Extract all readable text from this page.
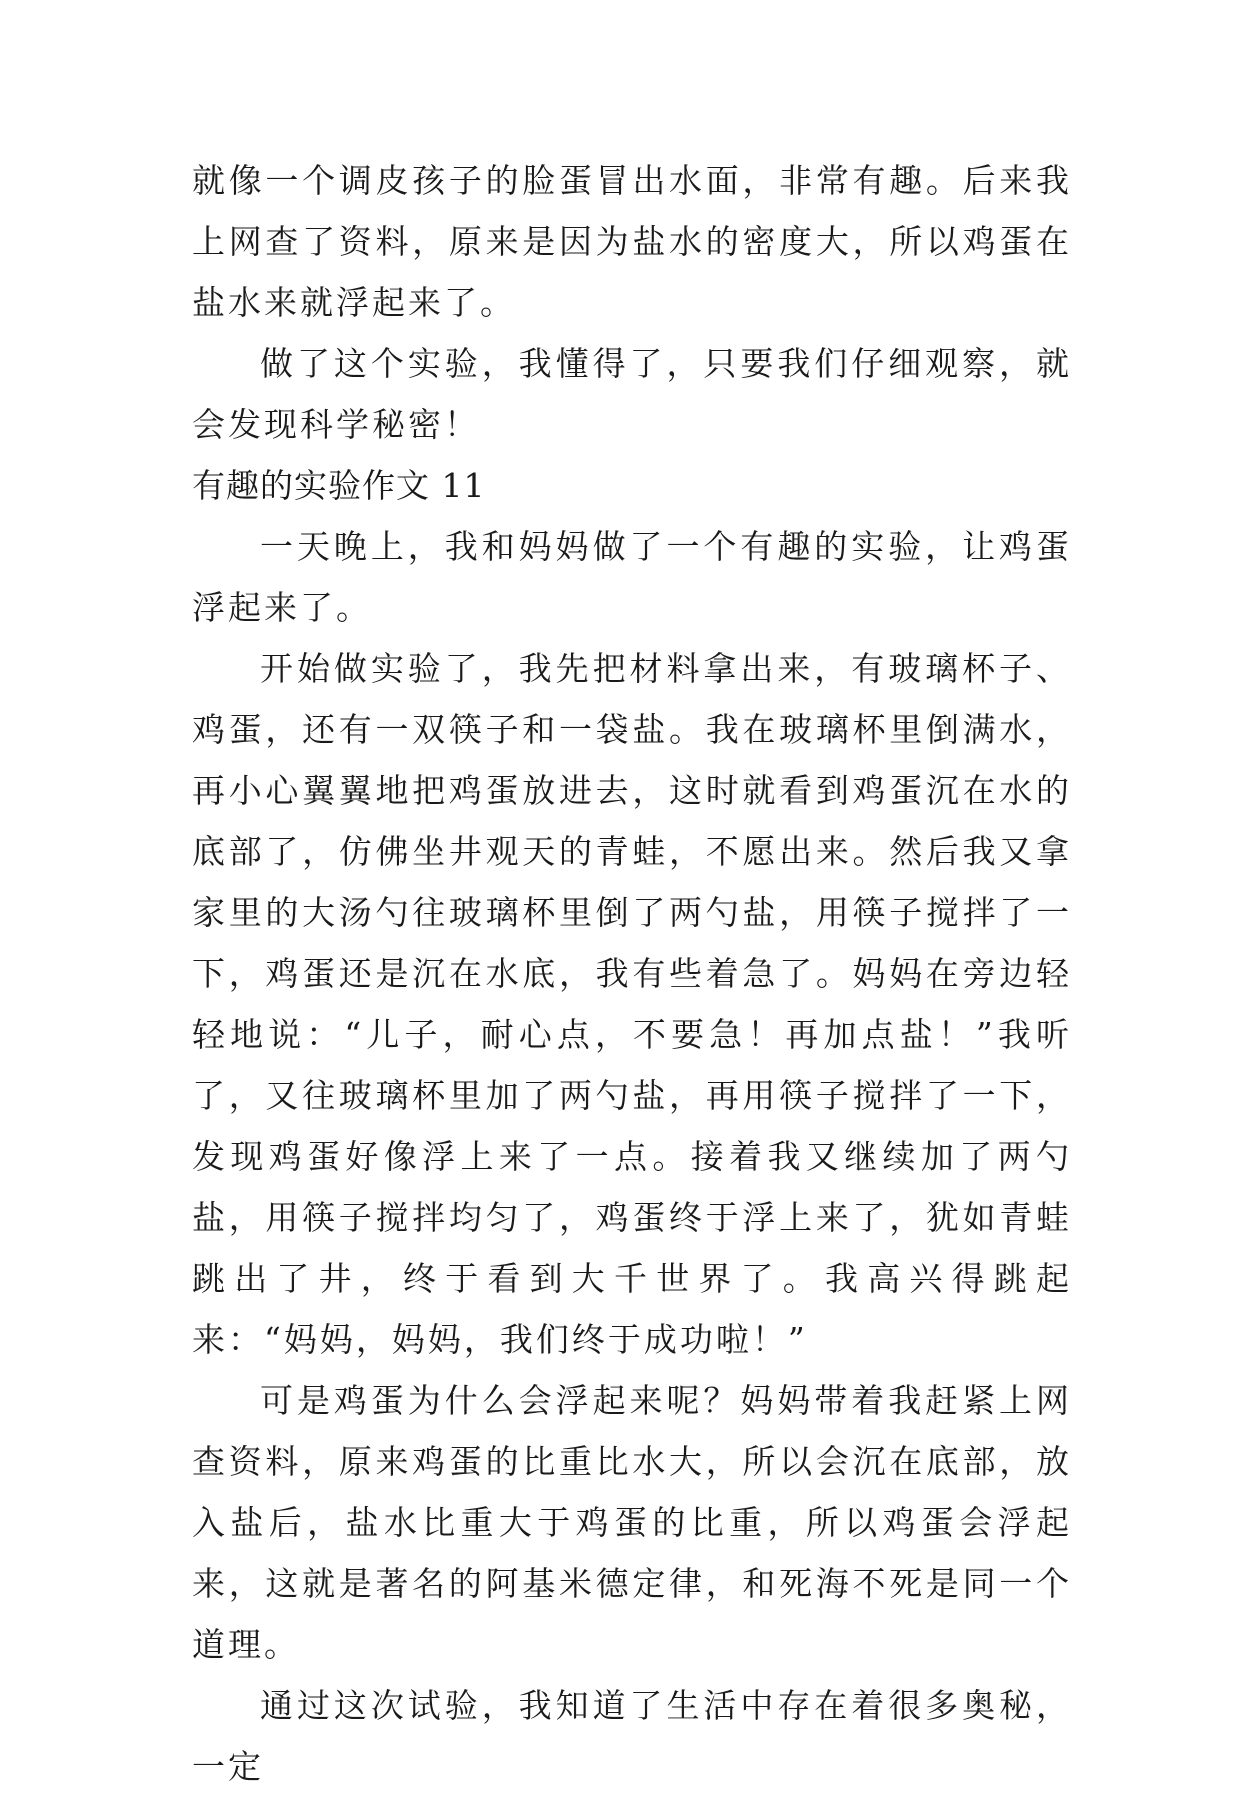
就像一个调皮孩子的脸蛋冒出水面，非常有趣。后来我上网查了资料，原来是因为盐水的密度大，所以鸡蛋在盐水来就浮起来了。

做了这个实验，我懂得了，只要我们仔细观察，就会发现科学秘密！

有趣的实验作文 11

一天晚上，我和妈妈做了一个有趣的实验，让鸡蛋浮起来了。

开始做实验了，我先把材料拿出来，有玻璃杯子、鸡蛋，还有一双筷子和一袋盐。我在玻璃杯里倒满水，再小心翼翼地把鸡蛋放进去，这时就看到鸡蛋沉在水的底部了，仿佛坐井观天的青蛙，不愿出来。然后我又拿家里的大汤勺往玻璃杯里倒了两勺盐，用筷子搅拌了一下，鸡蛋还是沉在水底，我有些着急了。妈妈在旁边轻轻地说：“儿子，耐心点，不要急！再加点盐！”我听了，又往玻璃杯里加了两勺盐，再用筷子搅拌了一下，发现鸡蛋好像浮上来了一点。接着我又继续加了两勺盐，用筷子搅拌均匀了，鸡蛋终于浮上来了，犹如青蛙跳出了井，终于看到大千世界了。我高兴得跳起来：“妈妈，妈妈，我们终于成功啦！”

可是鸡蛋为什么会浮起来呢？妈妈带着我赶紧上网查资料，原来鸡蛋的比重比水大，所以会沉在底部，放入盐后，盐水比重大于鸡蛋的比重，所以鸡蛋会浮起来，这就是著名的阿基米德定律，和死海不死是同一个道理。

通过这次试验，我知道了生活中存在着很多奥秘，一定
